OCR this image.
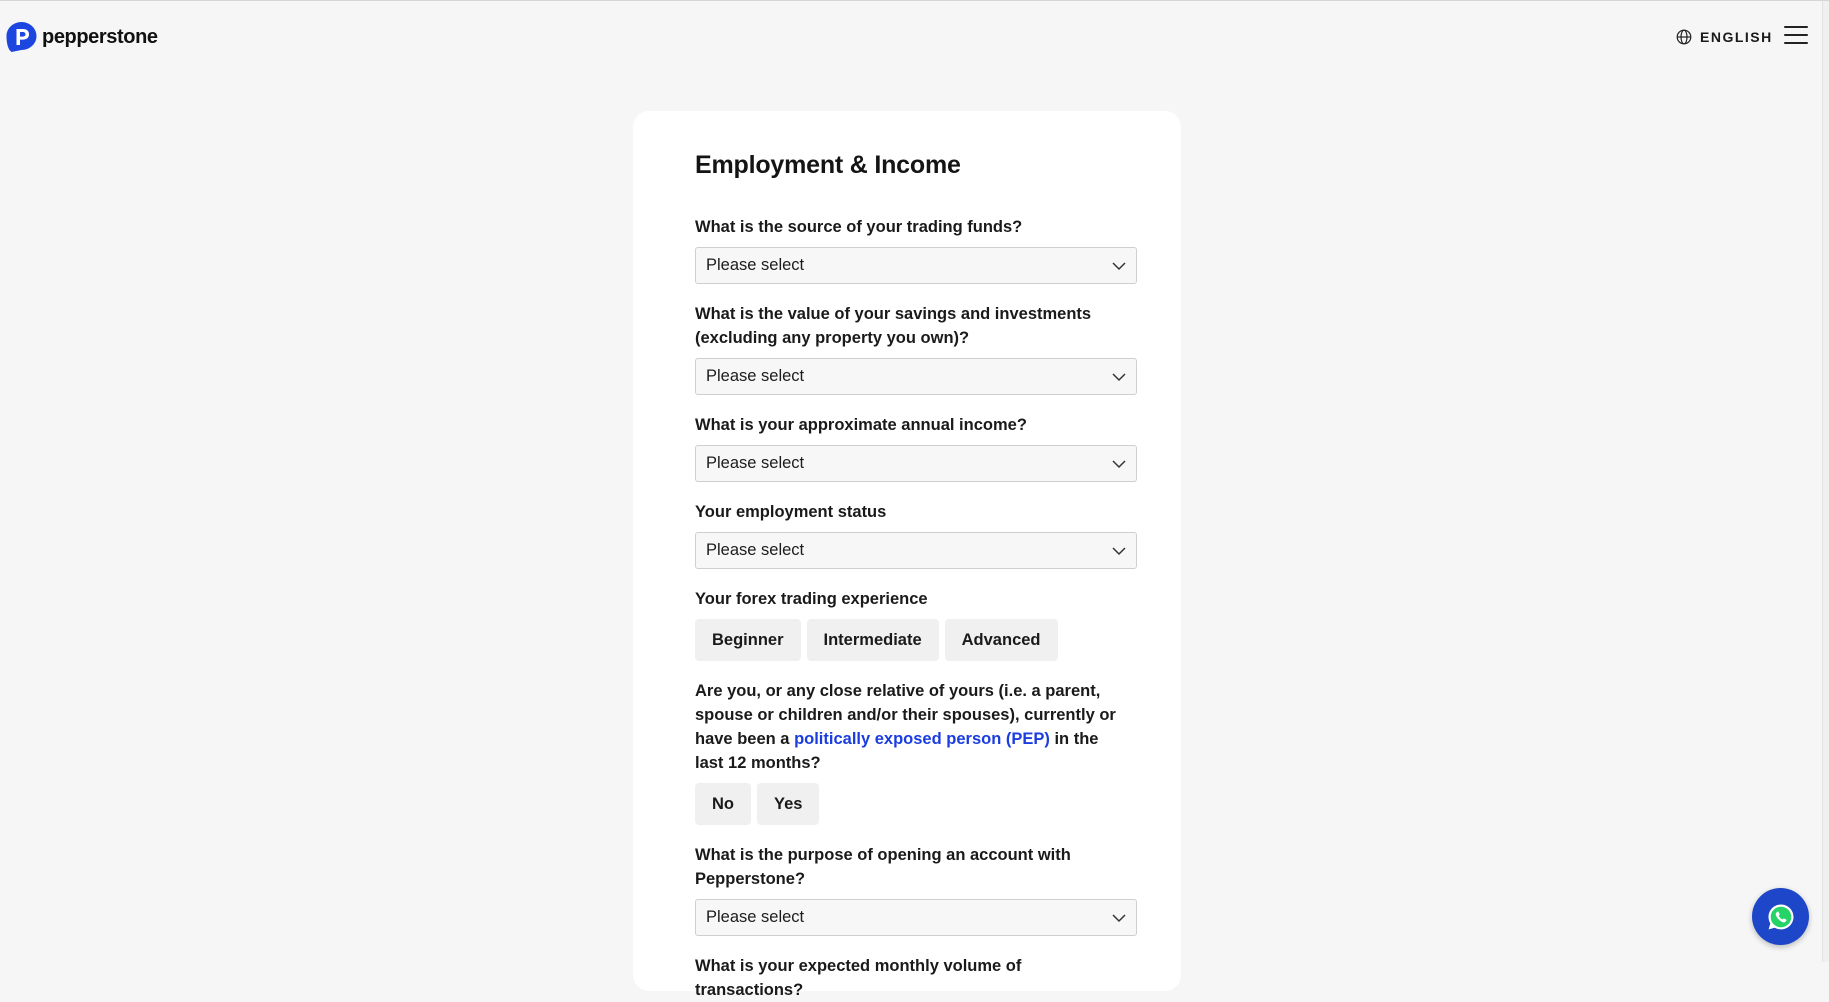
pepperstone	ENGLISH
Employment & Income
What is the source of your trading funds?
Please select
What is the value of your savings and investments (excluding any property you own)?
Please select
What is your approximate annual income?
Please select
Your employment status
Please select
Your forex trading experience
Beginner	Intermediate	Advanced
Are you, or any close relative of yours (i.e. a parent, spouse or children and/or their spouses), currently or have been a politically exposed person (PEP) in the last 12 months?
No	Yes
What is the purpose of opening an account with Pepperstone?
Please select
What is your expected monthly volume of transactions?
